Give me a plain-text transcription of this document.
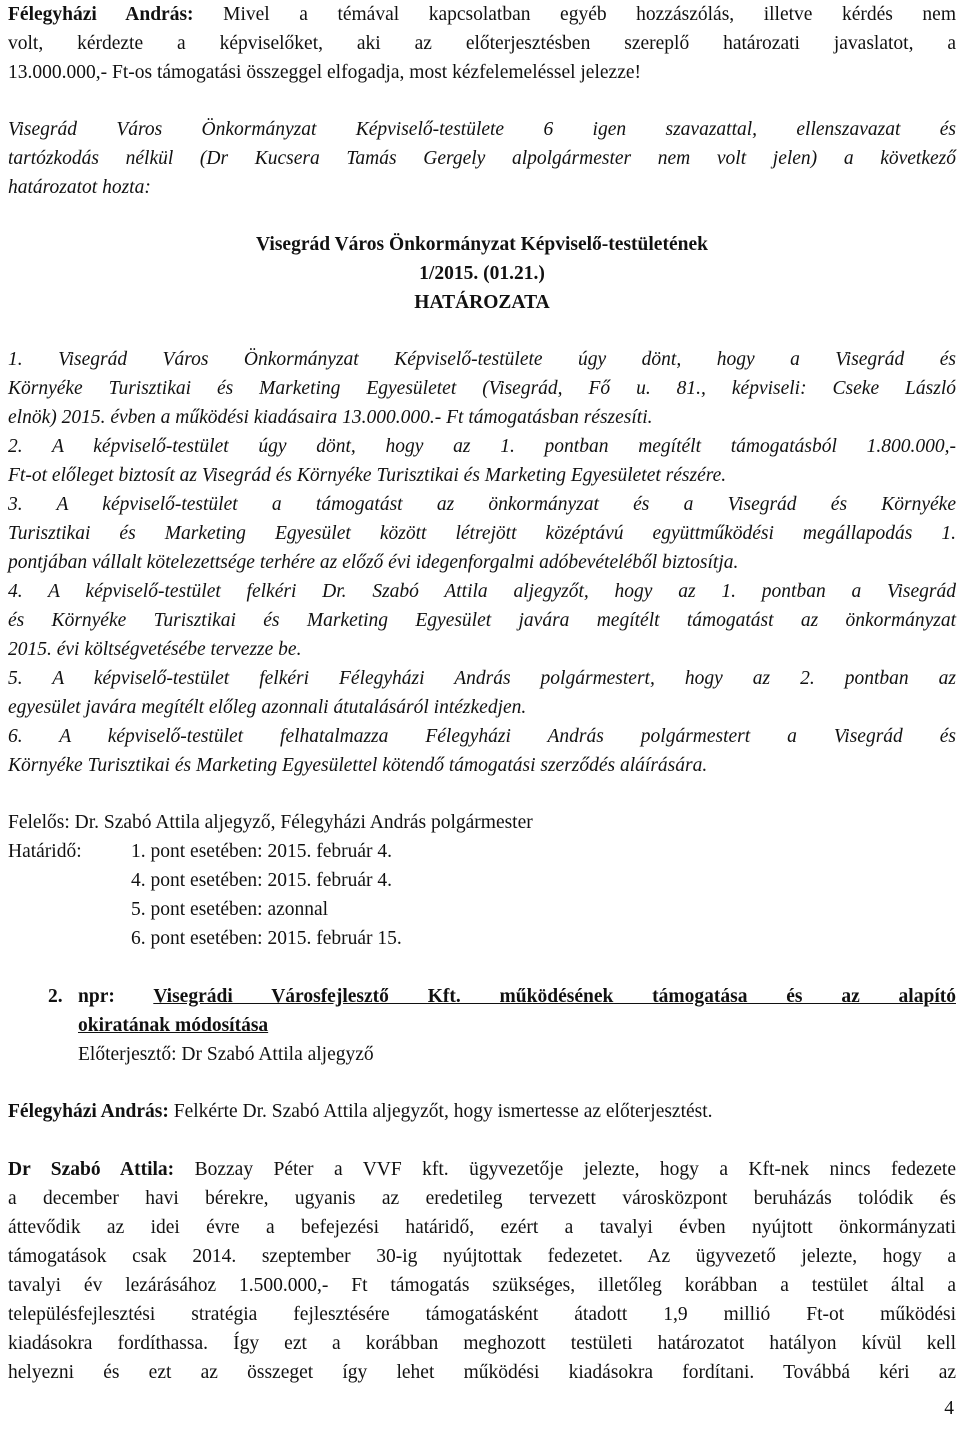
Félegyházi András: Mivel a témával kapcsolatban egyéb hozzászólás, illetve kérdés nem

volt, kérdezte a képviselőket, aki az előterjesztésben szereplő határozati javaslatot, a

13.000.000,- Ft-os támogatási összeggel elfogadja, most kézfelemeléssel jelezze!

Visegrád Város Önkormányzat Képviselő-testülete 6 igen szavazattal, ellenszavazat és

tartózkodás nélkül (Dr Kucsera Tamás Gergely alpolgármester nem volt jelen) a következő

határozatot hozta:

Visegrád Város Önkormányzat Képviselő-testületének

1/2015. (01.21.)

HATÁROZATA

1. Visegrád Város Önkormányzat Képviselő-testülete úgy dönt, hogy a Visegrád és

Környéke Turisztikai és Marketing Egyesületet (Visegrád, Fő u. 81., képviseli: Cseke László

elnök) 2015. évben a működési kiadásaira 13.000.000.- Ft támogatásban részesíti.

2. A képviselő-testület úgy dönt, hogy az 1. pontban megítélt támogatásból 1.800.000,-

Ft-ot előleget biztosít az Visegrád és Környéke Turisztikai és Marketing Egyesületet részére.

3. A képviselő-testület a támogatást az önkormányzat és a Visegrád és Környéke

Turisztikai és Marketing Egyesület között létrejött középtávú együttműködési megállapodás 1.

pontjában vállalt kötelezettsége terhére az előző évi idegenforgalmi adóbevételéből biztosítja.

4. A képviselő-testület felkéri Dr. Szabó Attila aljegyzőt, hogy az 1. pontban a Visegrád

és Környéke Turisztikai és Marketing Egyesület javára megítélt támogatást az önkormányzat

2015. évi költségvetésébe tervezze be.

5. A képviselő-testület felkéri Félegyházi András polgármestert, hogy az 2. pontban az

egyesület javára megítélt előleg azonnali átutalásáról intézkedjen.

6. A képviselő-testület felhatalmazza Félegyházi András polgármestert a Visegrád és

Környéke Turisztikai és Marketing Egyesülettel kötendő támogatási szerződés aláírására.

Felelős: Dr. Szabó Attila aljegyző, Félegyházi András polgármester

Határidő:	1. pont esetében: 2015. február 4.

4. pont esetében: 2015. február 4.

5. pont esetében: azonnal

6. pont esetében: 2015. február 15.

2. npr: Visegrádi Városfejlesztő Kft. működésének támogatása és az alapító

okiratának módosítása

Előterjesztő: Dr Szabó Attila aljegyző

Félegyházi András: Felkérte Dr. Szabó Attila aljegyzőt, hogy ismertesse az előterjesztést.

Dr Szabó Attila: Bozzay Péter a VVF kft. ügyvezetője jelezte, hogy a Kft-nek nincs fedezete

a december havi bérekre, ugyanis az eredetileg tervezett városközpont beruházás tolódik és

áttevődik az idei évre a befejezési határidő, ezért a tavalyi évben nyújtott önkormányzati

támogatások csak 2014. szeptember 30-ig nyújtottak fedezetet. Az ügyvezető jelezte, hogy a

tavalyi év lezárásához 1.500.000,- Ft támogatás szükséges, illetőleg korábban a testület által a

településfejlesztési stratégia fejlesztésére támogatásként átadott 1,9 millió Ft-ot működési

kiadásokra fordíthassa. Így ezt a korábban meghozott testületi határozatot hatályon kívül kell

helyezni és ezt az összeget így lehet működési kiadásokra fordítani. Továbbá kéri az

4
